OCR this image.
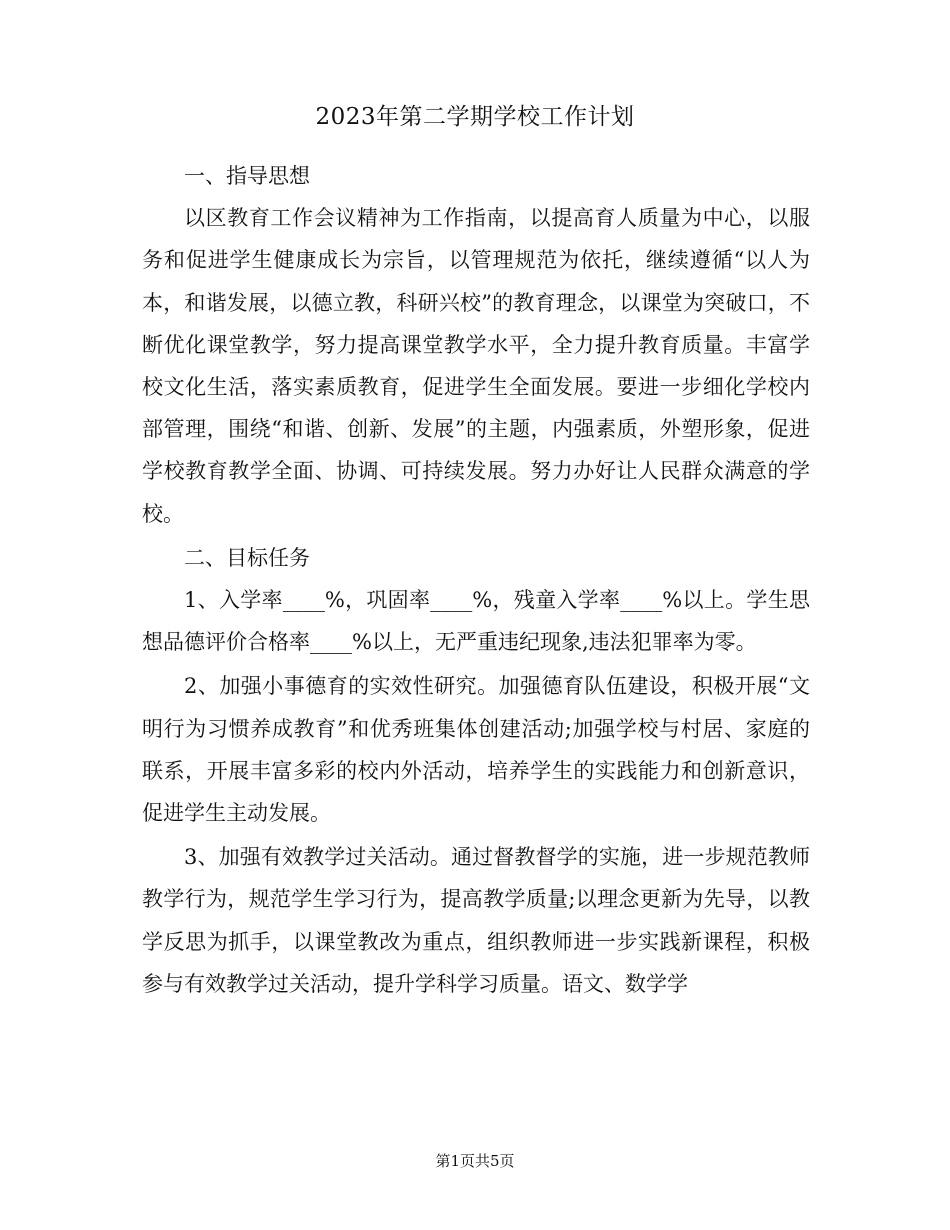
2023年第二学期学校工作计划

一、指导思想

以区教育工作会议精神为工作指南，以提高育人质量为中心，以服务和促进学生健康成长为宗旨，以管理规范为依托，继续遵循“以人为本，和谐发展，以德立教，科研兴校”的教育理念，以课堂为突破口，不断优化课堂教学，努力提高课堂教学水平，全力提升教育质量。丰富学校文化生活，落实素质教育，促进学生全面发展。要进一步细化学校内部管理，围绕“和谐、创新、发展”的主题，内强素质，外塑形象，促进学校教育教学全面、协调、可持续发展。努力办好让人民群众满意的学校。

二、目标任务

1、入学率____%，巩固率____%，残童入学率____%以上。学生思想品德评价合格率____%以上，无严重违纪现象,违法犯罪率为零。

2、加强小事德育的实效性研究。加强德育队伍建设，积极开展“文明行为习惯养成教育”和优秀班集体创建活动;加强学校与村居、家庭的联系，开展丰富多彩的校内外活动，培养学生的实践能力和创新意识，促进学生主动发展。

3、加强有效教学过关活动。通过督教督学的实施，进一步规范教师教学行为，规范学生学习行为，提高教学质量;以理念更新为先导，以教学反思为抓手，以课堂教改为重点，组织教师进一步实践新课程，积极参与有效教学过关活动，提升学科学习质量。语文、数学学

第1页共5页
